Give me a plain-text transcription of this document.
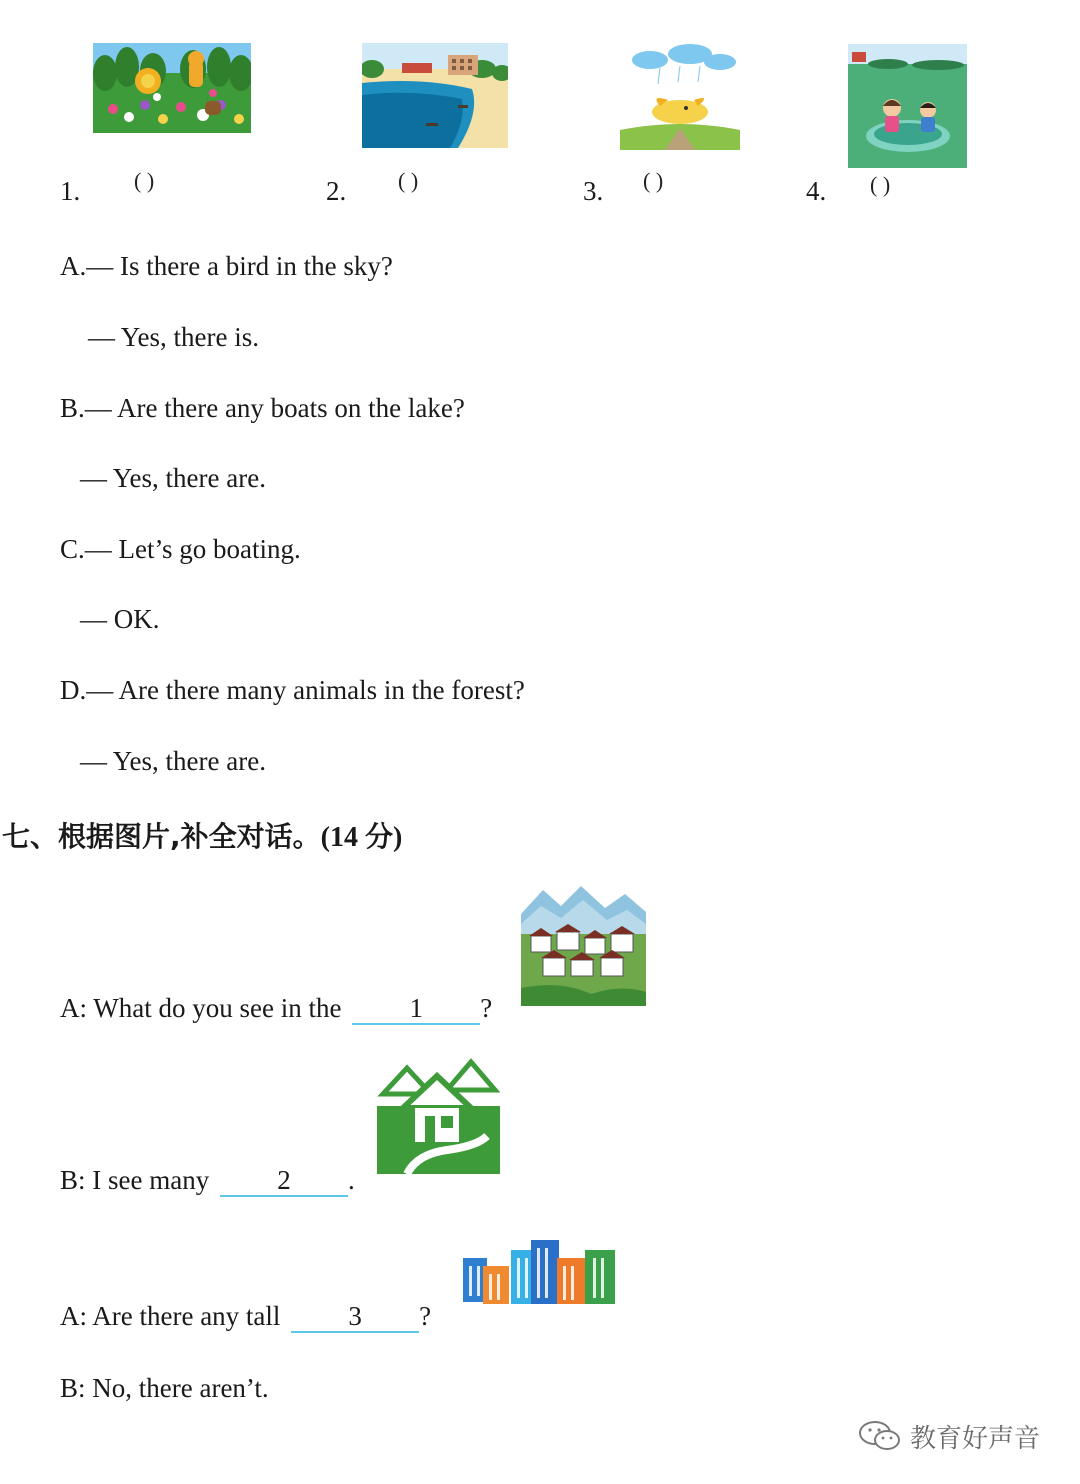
1. ( )	2. ( )	3. ( )	4. ( )
A.— Is there a bird in the sky?
— Yes, there is.
B.— Are there any boats on the lake?
— Yes, there are.
C.— Let’s go boating.
— OK.
D.— Are there many animals in the forest?
— Yes, there are.
七、根据图片,补全对话。(14 分)
A: What do you see in the	1 ?
B: I see many	2 .
A: Are there any tall	3 ?
B: No, there aren’t.
教育好声音
